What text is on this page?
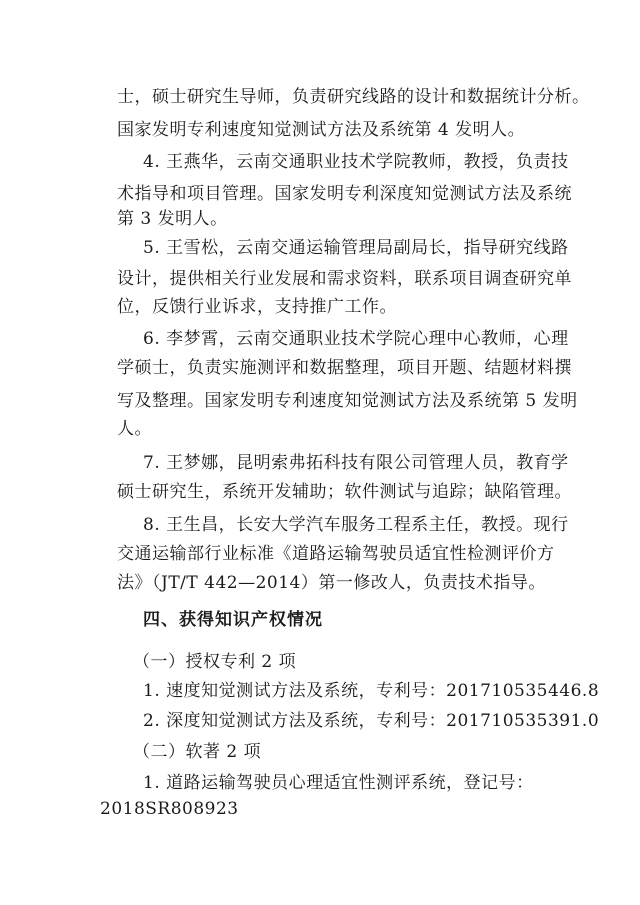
士，硕士研究生导师，负责研究线路的设计和数据统计分析。
国家发明专利速度知觉测试方法及系统第 4 发明人。
4. 王燕华，云南交通职业技术学院教师，教授，负责技
术指导和项目管理。国家发明专利深度知觉测试方法及系统
第 3 发明人。
5. 王雪松，云南交通运输管理局副局长，指导研究线路
设计，提供相关行业发展和需求资料，联系项目调查研究单
位，反馈行业诉求，支持推广工作。
6. 李梦霄，云南交通职业技术学院心理中心教师，心理
学硕士，负责实施测评和数据整理，项目开题、结题材料撰
写及整理。国家发明专利速度知觉测试方法及系统第 5 发明
人。
7. 王梦娜，昆明索弗拓科技有限公司管理人员，教育学
硕士研究生，系统开发辅助；软件测试与追踪；缺陷管理。
8. 王生昌，长安大学汽车服务工程系主任，教授。现行
交通运输部行业标准《道路运输驾驶员适宜性检测评价方
法》（JT/T 442—2014）第一修改人，负责技术指导。
四、获得知识产权情况
（一）授权专利 2 项
1. 速度知觉测试方法及系统，专利号：201710535446.8
2. 深度知觉测试方法及系统，专利号：201710535391.0
（二）软著 2 项
1. 道路运输驾驶员心理适宜性测评系统，登记号：
2018SR808923
